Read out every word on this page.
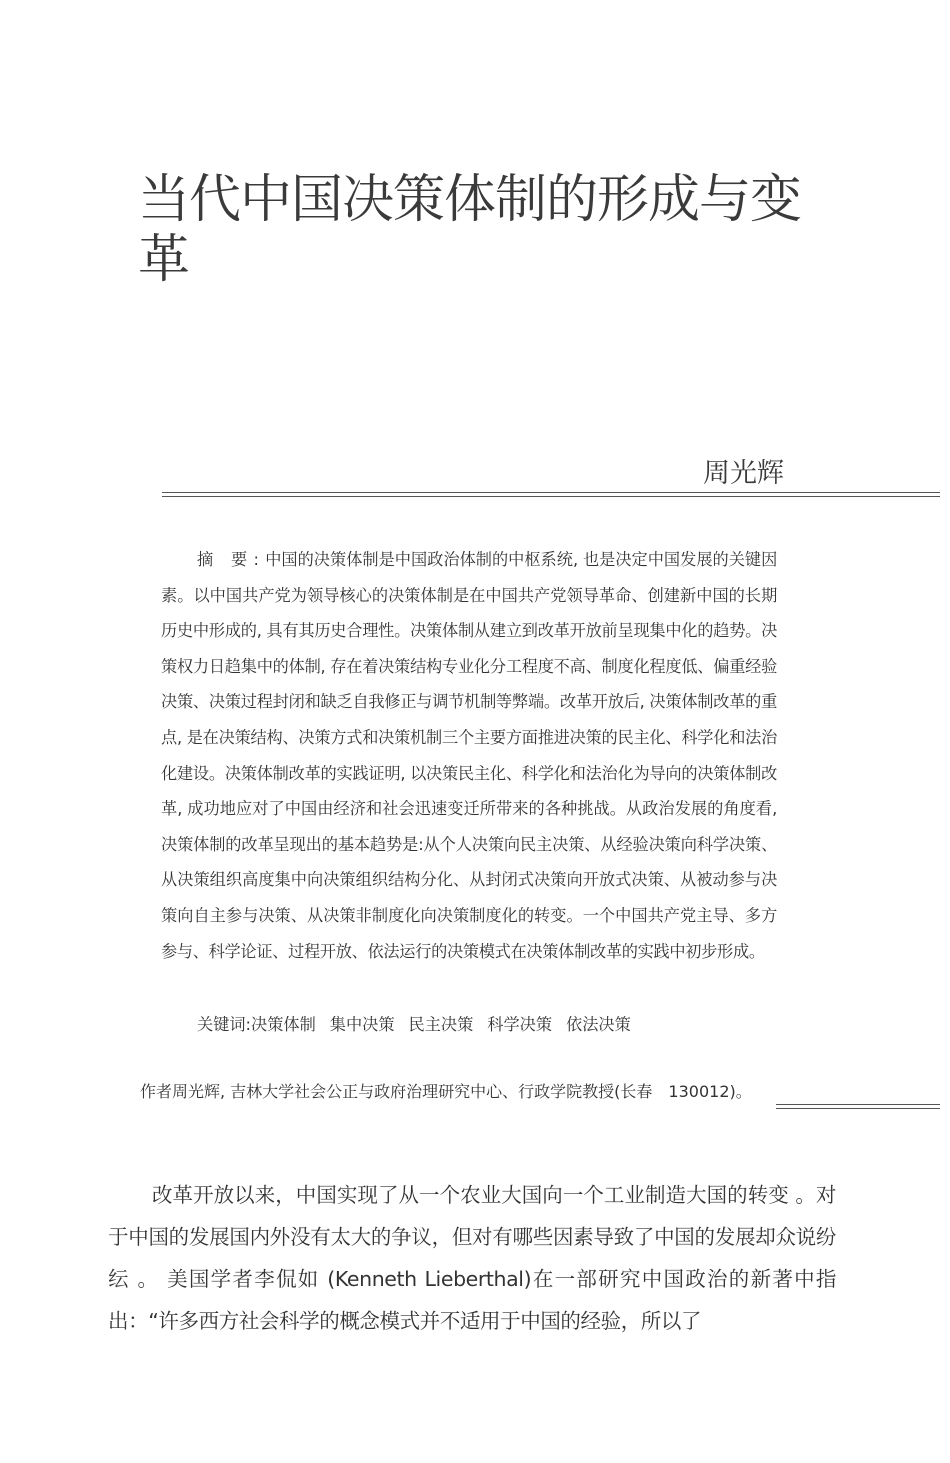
当代中国决策体制的形成与变革
周光辉
摘 要:中国的决策体制是中国政治体制的中枢系统, 也是决定中国发展的关键因素。以中国共产党为领导核心的决策体制是在中国共产党领导革命、创建新中国的长期历史中形成的, 具有其历史合理性。决策体制从建立到改革开放前呈现集中化的趋势。决策权力日趋集中的体制, 存在着决策结构专业化分工程度不高、制度化程度低、偏重经验决策、决策过程封闭和缺乏自我修正与调节机制等弊端。改革开放后, 决策体制改革的重点, 是在决策结构、决策方式和决策机制三个主要方面推进决策的民主化、科学化和法治化建设。决策体制改革的实践证明, 以决策民主化、科学化和法治化为导向的决策体制改革, 成功地应对了中国由经济和社会迅速变迁所带来的各种挑战。从政治发展的角度看, 决策体制的改革呈现出的基本趋势是:从个人决策向民主决策、从经验决策向科学决策、从决策组织高度集中向决策组织结构分化、从封闭式决策向开放式决策、从被动参与决策向自主参与决策、从决策非制度化向决策制度化的转变。一个中国共产党主导、多方参与、科学论证、过程开放、依法运行的决策模式在决策体制改革的实践中初步形成。
关键词:决策体制 集中决策 民主决策 科学决策 依法决策
作者周光辉, 吉林大学社会公正与政府治理研究中心、行政学院教授(长春　130012)。

改革开放以来，中国实现了从一个农业大国向一个工业制造大国的转变 。对于中国的发展国内外没有太大的争议，但对有哪些因素导致了中国的发展却众说纷纭 。 美国学者李侃如 (Kenneth Lieberthal)在一部研究中国政治的新著中指出：“许多西方社会科学的概念模式并不适用于中国的经验，所以了
